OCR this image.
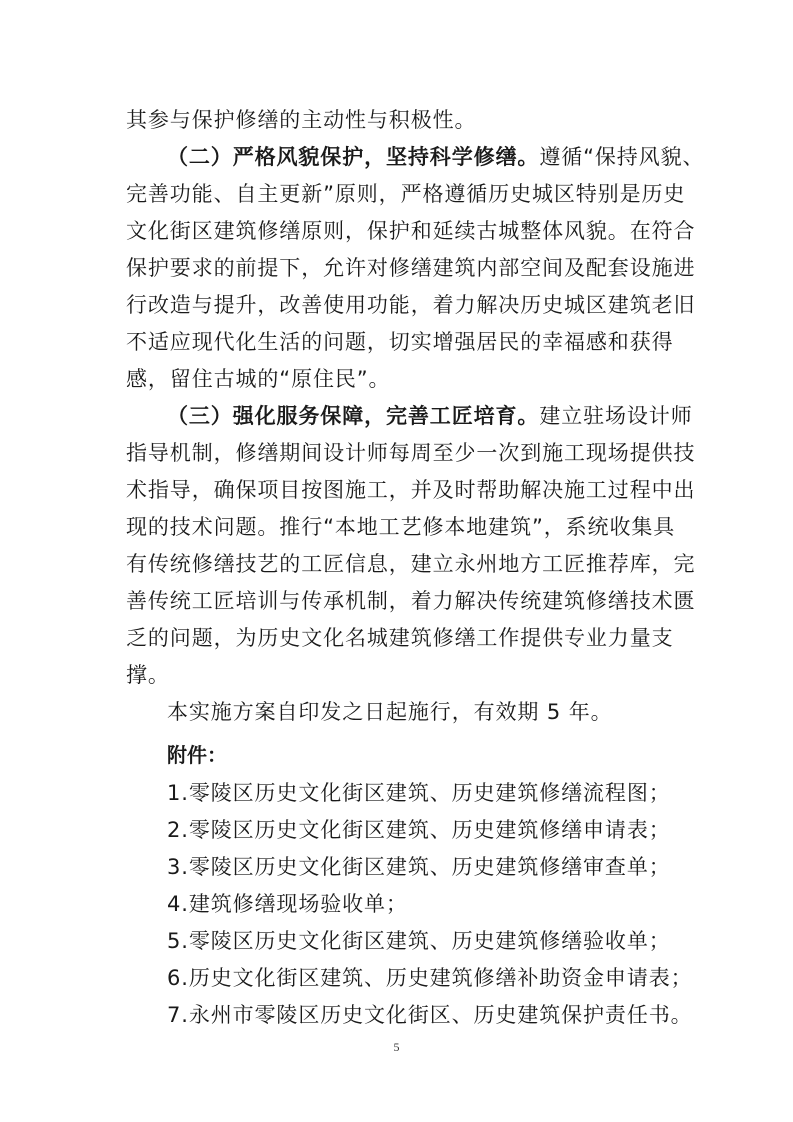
其参与保护修缮的主动性与积极性。
（二）严格风貌保护，坚持科学修缮。遵循“保持风貌、
完善功能、自主更新”原则，严格遵循历史城区特别是历史
文化街区建筑修缮原则，保护和延续古城整体风貌。在符合
保护要求的前提下，允许对修缮建筑内部空间及配套设施进
行改造与提升，改善使用功能，着力解决历史城区建筑老旧
不适应现代化生活的问题，切实增强居民的幸福感和获得
感，留住古城的“原住民”。
（三）强化服务保障，完善工匠培育。建立驻场设计师
指导机制，修缮期间设计师每周至少一次到施工现场提供技
术指导，确保项目按图施工，并及时帮助解决施工过程中出
现的技术问题。推行“本地工艺修本地建筑”，系统收集具
有传统修缮技艺的工匠信息，建立永州地方工匠推荐库，完
善传统工匠培训与传承机制，着力解决传统建筑修缮技术匮
乏的问题，为历史文化名城建筑修缮工作提供专业力量支
撑。
本实施方案自印发之日起施行，有效期 5 年。
附件：
1.零陵区历史文化街区建筑、历史建筑修缮流程图；
2.零陵区历史文化街区建筑、历史建筑修缮申请表；
3.零陵区历史文化街区建筑、历史建筑修缮审查单；
4.建筑修缮现场验收单；
5.零陵区历史文化街区建筑、历史建筑修缮验收单；
6.历史文化街区建筑、历史建筑修缮补助资金申请表；
7.永州市零陵区历史文化街区、历史建筑保护责任书。
5
